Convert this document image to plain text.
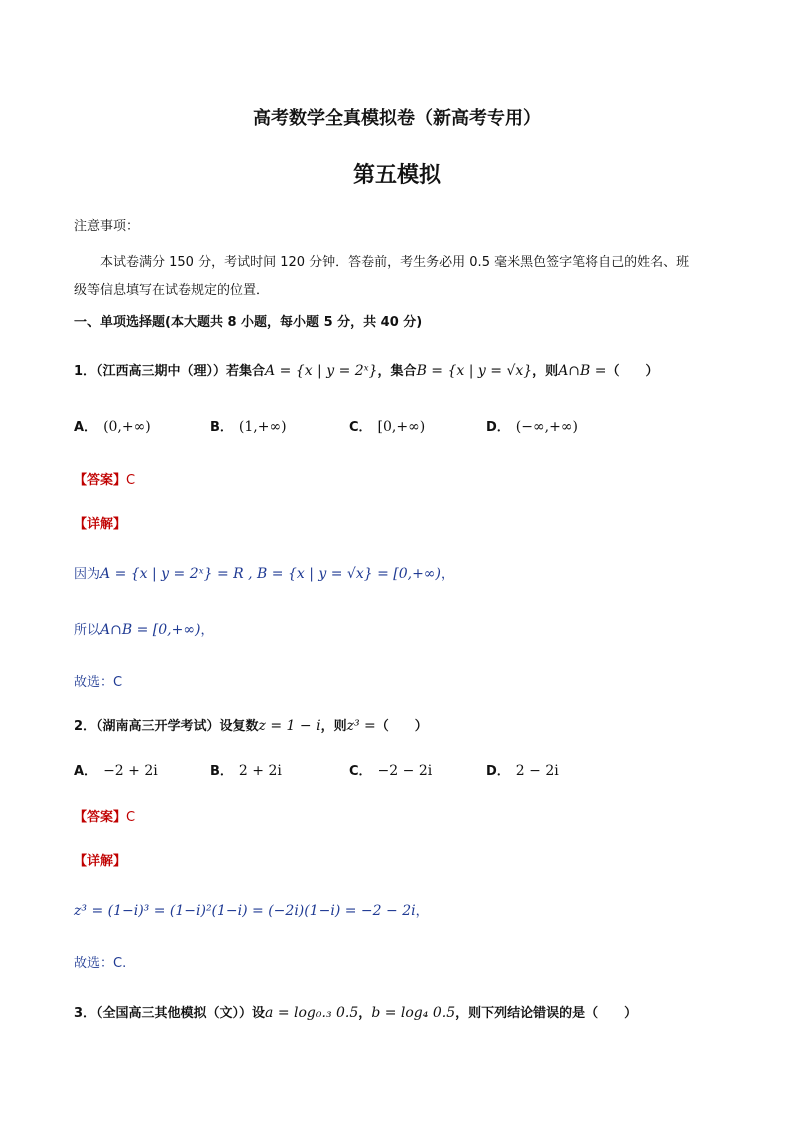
高考数学全真模拟卷（新高考专用）
第五模拟
注意事项：
本试卷满分 150 分，考试时间 120 分钟．答卷前，考生务必用 0.5 毫米黑色签字笔将自己的姓名、班
级等信息填写在试卷规定的位置．
一、单项选择题(本大题共 8 小题，每小题 5 分，共 40 分)
1．（江西高三期中（理））若集合A = {x | y = 2ˣ}，集合B = {x | y = √x}，则A∩B =（　　）
A． (0,+∞)	B． (1,+∞)	C． [0,+∞)	D． (−∞,+∞)
【答案】C
【详解】
因为A = {x | y = 2ˣ} = R , B = {x | y = √x} = [0,+∞)，
所以A∩B = [0,+∞)，
故选：C
2．（湖南高三开学考试）设复数z = 1 − i，则z³ =（　　）
A． −2 + 2i	B． 2 + 2i	C． −2 − 2i	D． 2 − 2i
【答案】C
【详解】
z³ = (1−i)³ = (1−i)²(1−i) = (−2i)(1−i) = −2 − 2i，
故选：C.
3．（全国高三其他模拟（文））设a = log₀.₃ 0.5，b = log₄ 0.5，则下列结论错误的是（　　）
